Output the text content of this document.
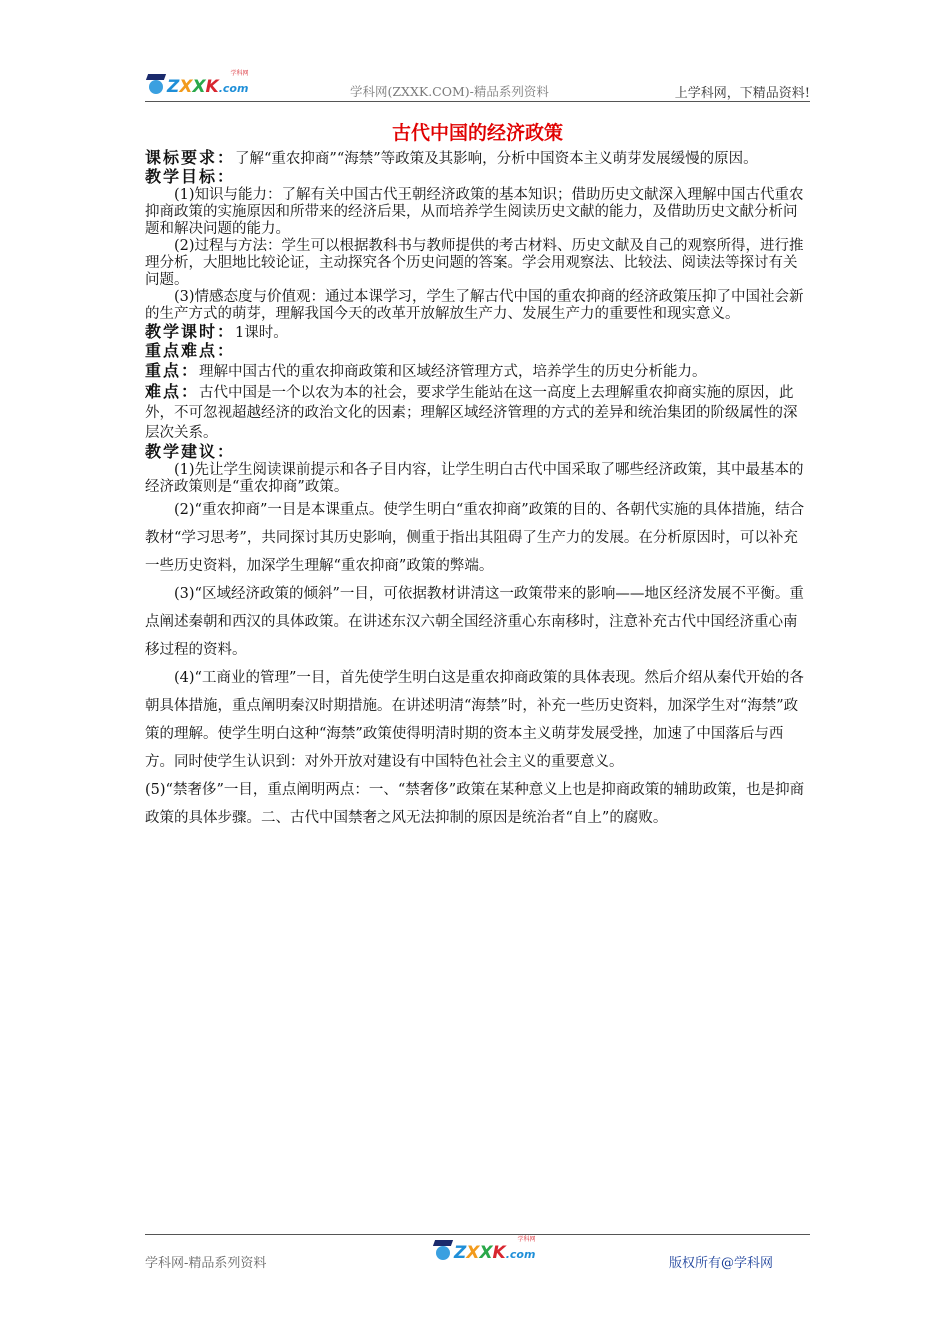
ZXXK.com
学科网
学科网(ZXXK.COM)-精品系列资料	上学科网，下精品资料!
古代中国的经济政策

课标要求：了解“重农抑商”“海禁”等政策及其影响，分析中国资本主义萌芽发展缓慢的原因。

教学目标：

(1)知识与能力：了解有关中国古代王朝经济政策的基本知识；借助历史文献深入理解中国古代重农抑商政策的实施原因和所带来的经济后果，从而培养学生阅读历史文献的能力，及借助历史文献分析问题和解决问题的能力。

(2)过程与方法：学生可以根据教科书与教师提供的考古材料、历史文献及自己的观察所得，进行推理分析，大胆地比较论证，主动探究各个历史问题的答案。学会用观察法、比较法、阅读法等探讨有关问题。

(3)情感态度与价值观：通过本课学习，学生了解古代中国的重农抑商的经济政策压抑了中国社会新的生产方式的萌芽，理解我国今天的改革开放解放生产力、发展生产力的重要性和现实意义。

教学课时：1课时。

重点难点：

重点：理解中国古代的重农抑商政策和区域经济管理方式，培养学生的历史分析能力。

难点：古代中国是一个以农为本的社会，要求学生能站在这一高度上去理解重农抑商实施的原因，此外，不可忽视超越经济的政治文化的因素；理解区域经济管理的方式的差异和统治集团的阶级属性的深层次关系。

教学建议：

(1)先让学生阅读课前提示和各子目内容，让学生明白古代中国采取了哪些经济政策，其中最基本的经济政策则是“重农抑商”政策。

(2)“重农抑商”一目是本课重点。使学生明白“重农抑商”政策的目的、各朝代实施的具体措施，结合教材“学习思考”，共同探讨其历史影响，侧重于指出其阻碍了生产力的发展。在分析原因时，可以补充一些历史资料，加深学生理解“重农抑商”政策的弊端。

(3)“区域经济政策的倾斜”一目，可依据教材讲清这一政策带来的影响——地区经济发展不平衡。重点阐述秦朝和西汉的具体政策。在讲述东汉六朝全国经济重心东南移时，注意补充古代中国经济重心南移过程的资料。

(4)“工商业的管理”一目，首先使学生明白这是重农抑商政策的具体表现。然后介绍从秦代开始的各朝具体措施，重点阐明秦汉时期措施。在讲述明清“海禁”时，补充一些历史资料，加深学生对“海禁”政策的理解。使学生明白这种“海禁”政策使得明清时期的资本主义萌芽发展受挫，加速了中国落后与西方。同时使学生认识到：对外开放对建设有中国特色社会主义的重要意义。

(5)“禁奢侈”一目，重点阐明两点：一、“禁奢侈”政策在某种意义上也是抑商政策的辅助政策，也是抑商政策的具体步骤。二、古代中国禁奢之风无法抑制的原因是统治者“自上”的腐败。

学科网-精品系列资料
ZXXK.com
学科网
版权所有@学科网
